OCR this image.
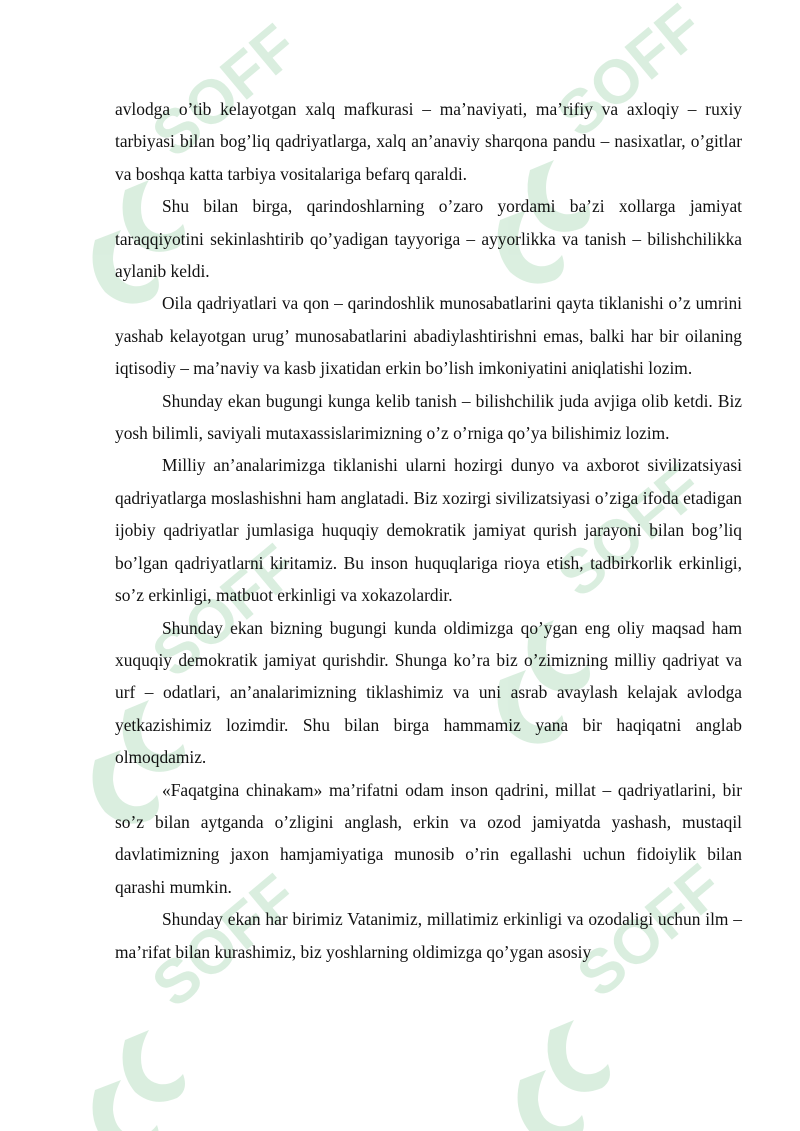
avlodga o’tib kelayotgan xalq mafkurasi – ma’naviyati, ma’rifiy va axloqiy – ruxiy tarbiyasi bilan bog’liq qadriyatlarga, xalq an’anaviy sharqona pandu – nasixatlar, o’gitlar va boshqa katta tarbiya vositalariga befarq qaraldi.

Shu bilan birga, qarindoshlarning o’zaro yordami ba’zi xollarga jamiyat taraqqiyotini sekinlashtirib qo’yadigan tayyoriga – ayyorlikka va tanish – bilishchilikka aylanib keldi.

Oila qadriyatlari va qon – qarindoshlik munosabatlarini qayta tiklanishi o’z umrini yashab kelayotgan urug’ munosabatlarini abadiylashtirishni emas, balki har bir oilaning iqtisodiy – ma’naviy va kasb jixatidan erkin bo’lish imkoniyatini aniqlatishi lozim.

Shunday ekan bugungi kunga kelib tanish – bilishchilik juda avjiga olib ketdi. Biz yosh bilimli, saviyali mutaxassislarimizning o’z o’rniga qo’ya bilishimiz lozim.

Milliy an’analarimizga tiklanishi ularni hozirgi dunyo va axborot sivilizatsiyasi qadriyatlarga moslashishni ham anglatadi. Biz xozirgi sivilizatsiyasi o’ziga ifoda etadigan ijobiy qadriyatlar jumlasiga huquqiy demokratik jamiyat qurish jarayoni bilan bog’liq bo’lgan qadriyatlarni kiritamiz. Bu inson huquqlariga rioya etish, tadbirkorlik erkinligi, so’z erkinligi, matbuot erkinligi va xokazolardir.

Shunday ekan bizning bugungi kunda oldimizga qo’ygan eng oliy maqsad ham xuquqiy demokratik jamiyat qurishdir. Shunga ko’ra biz o’zimizning milliy qadriyat va urf – odatlari, an’analarimizning tiklashimiz va uni asrab avaylash kelajak avlodga yetkazishimiz lozimdir. Shu bilan birga hammamiz yana bir haqiqatni anglab olmoqdamiz.

«Faqatgina chinakam» ma’rifatni odam inson qadrini, millat – qadriyatlarini, bir so’z bilan aytganda o’zligini anglash, erkin va ozod jamiyatda yashash, mustaqil davlatimizning jaxon hamjamiyatiga munosib o’rin egallashi uchun fidoiylik bilan qarashi mumkin.

Shunday ekan har birimiz Vatanimiz, millatimiz erkinligi va ozodaligi uchun ilm – ma’rifat bilan kurashimiz, biz yoshlarning oldimizga qo’ygan asosiy
